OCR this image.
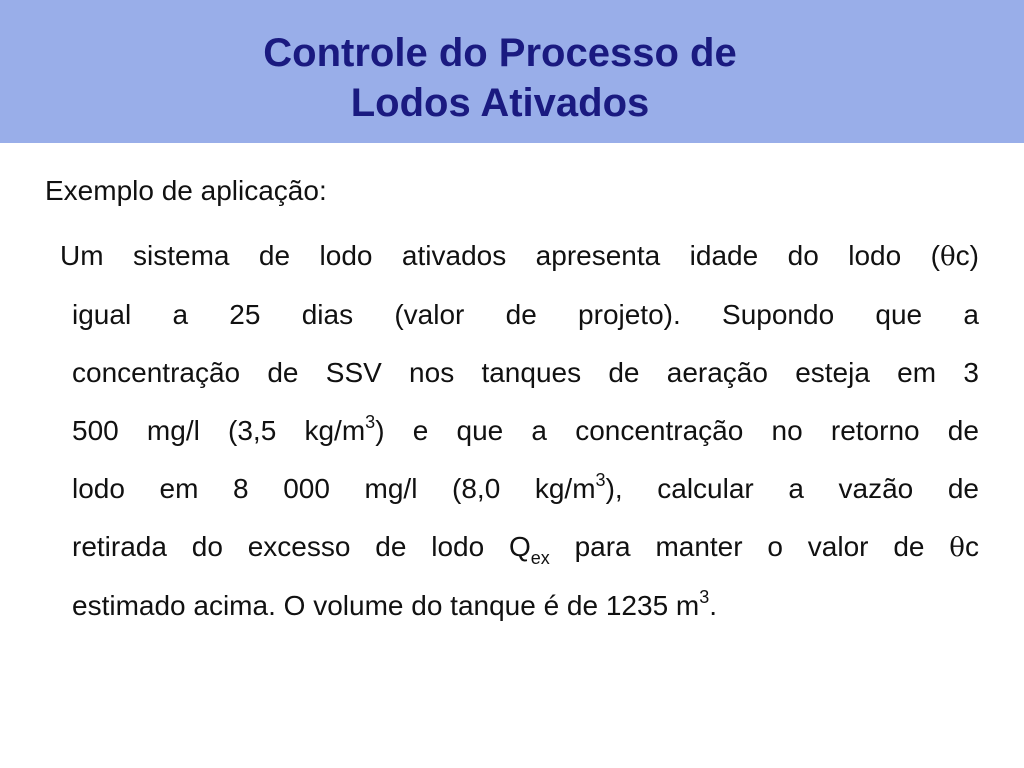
Controle do Processo de
Lodos Ativados
Exemplo de aplicação:
Um sistema de lodo ativados apresenta idade do lodo (θc)
igual a 25 dias (valor de projeto). Supondo que a
concentração de SSV nos tanques de aeração esteja em 3
500 mg/l (3,5 $kg/m^3$) e que a concentração no retorno de
lodo em 8 000 mg/l (8,0 $kg/m^3$), calcular a vazão de
retirada do excesso de lodo $Q_{ex}$ para manter o valor de θc
estimado acima. O volume do tanque é de 1235 $m^3$.
